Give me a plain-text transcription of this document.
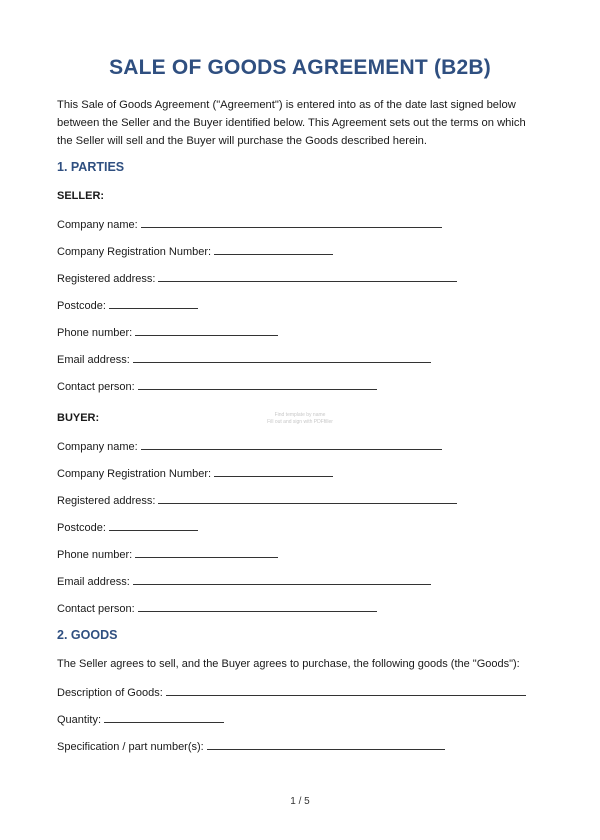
SALE OF GOODS AGREEMENT (B2B)
This Sale of Goods Agreement ("Agreement") is entered into as of the date last signed below
between the Seller and the Buyer identified below. This Agreement sets out the terms on which
the Seller will sell and the Buyer will purchase the Goods described herein.
1. PARTIES
SELLER:
Company name:
Company Registration Number:
Registered address:
Postcode:
Phone number:
Email address:
Contact person:
BUYER:	Find template by name
Fill out and sign with PDFfiller
Company name:
Company Registration Number:
Registered address:
Postcode:
Phone number:
Email address:
Contact person:
2. GOODS
The Seller agrees to sell, and the Buyer agrees to purchase, the following goods (the "Goods"):
Description of Goods:
Quantity:
Specification / part number(s):
1 / 5
